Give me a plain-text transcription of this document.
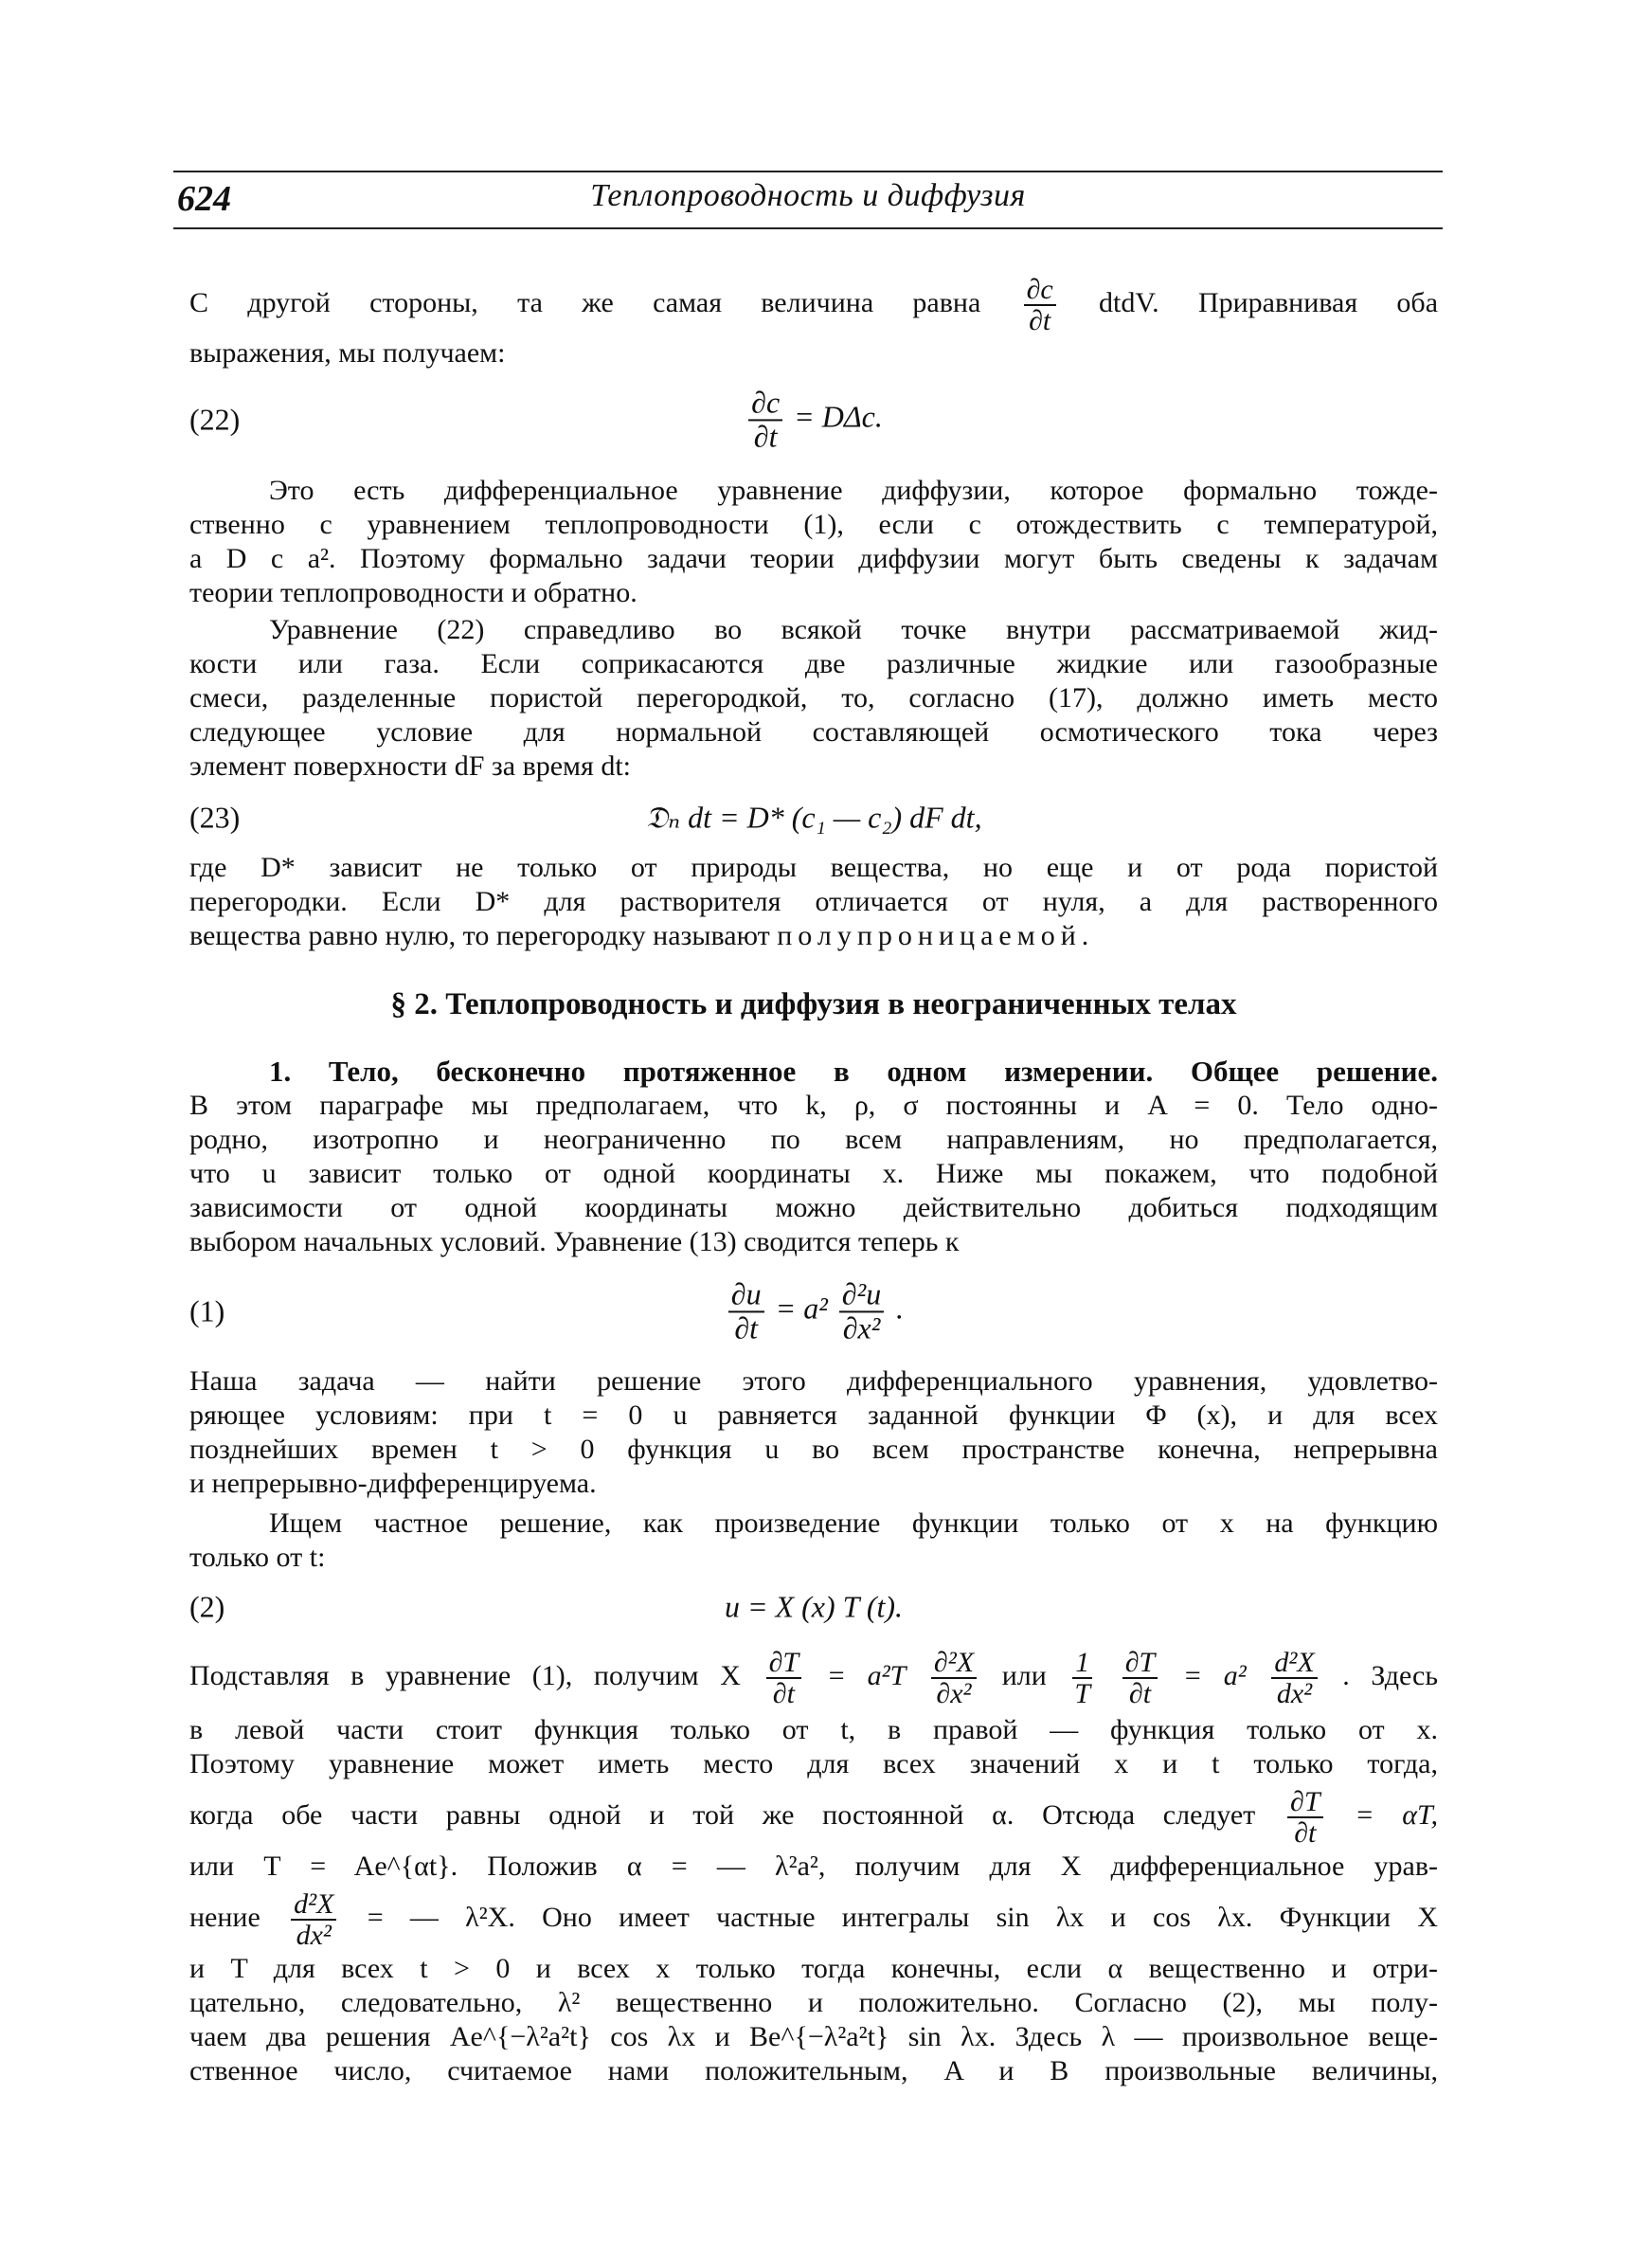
624	Теплопроводность и диффузия
С другой стороны, та же самая величина равна $\frac{\partial c}{\partial t}$ dtdV. Приравнивая оба
выражения, мы получаем:
(22)	$\frac{\partial c}{\partial t} = D\Delta c$.
Это есть дифференциальное уравнение диффузии, которое формально тожде-
ственно с уравнением теплопроводности (1), если c отождествить с температурой,
а D с a². Поэтому формально задачи теории диффузии могут быть сведены к задачам
теории теплопроводности и обратно.
Уравнение (22) справедливо во всякой точке внутри рассматриваемой жид-
кости или газа. Если соприкасаются две различные жидкие или газообразные
смеси, разделенные пористой перегородкой, то, согласно (17), должно иметь место
следующее условие для нормальной составляющей осмотического тока через
элемент поверхности dF за время dt:
(23)	𝔇ₙ dt = D* (c₁ — c₂) dF dt,
где D* зависит не только от природы вещества, но еще и от рода пористой
перегородки. Если D* для растворителя отличается от нуля, а для растворенного
вещества равно нулю, то перегородку называют полупроницаемой.
§ 2. Теплопроводность и диффузия в неограниченных телах
1. Тело, бесконечно протяженное в одном измерении. Общее решение.
В этом параграфе мы предполагаем, что k, ρ, σ постоянны и A = 0. Тело одно-
родно, изотропно и неограниченно по всем направлениям, но предполагается,
что u зависит только от одной координаты x. Ниже мы покажем, что подобной
зависимости от одной координаты можно действительно добиться подходящим
выбором начальных условий. Уравнение (13) сводится теперь к
(1)	$\frac{\partial u}{\partial t} = a^2 \frac{\text{∂²u}}{\text{∂x²}}$ .
Наша задача — найти решение этого дифференциального уравнения, удовлетво-
ряющее условиям: при t = 0 u равняется заданной функции Φ (x), и для всех
позднейших времен t > 0 функция u во всем пространстве конечна, непрерывна
и непрерывно-дифференцируема.
Ищем частное решение, как произведение функции только от x на функцию
только от t:
(2)	u = X (x) T (t).
Подставляя в уравнение (1), получим X $\frac{\partial T}{\partial t} = a^2T \frac{\text{∂²X}}{\text{∂x²}}$ или $\frac{1}{T}$
$\frac{\partial T}{\partial t} = a^2 \frac{\text{d²X}}{\text{dx²}}$ . Здесь
в левой части стоит функция только от t, в правой — функция только от x.
Поэтому уравнение может иметь место для всех значений x и t только тогда,
когда обе части равны одной и той же постоянной α. Отсюда следует $\frac{\partial T}{\partial t} = \alpha T$,
или T = Ae^{αt}. Положив α = — λ²a², получим для X дифференциальное урав-
нение $\frac{\text{d²X}}{\text{dx²}}$ = — λ²X. Оно имеет частные интегралы sin λx и cos λx. Функции X
и T для всех t > 0 и всех x только тогда конечны, если α вещественно и отри-
цательно, следовательно, λ² вещественно и положительно. Согласно (2), мы полу-
чаем два решения Ae^{−λ²a²t} cos λx и Be^{−λ²a²t} sin λx. Здесь λ — произвольное веще-
ственное число, считаемое нами положительным, A и B произвольные величины,
